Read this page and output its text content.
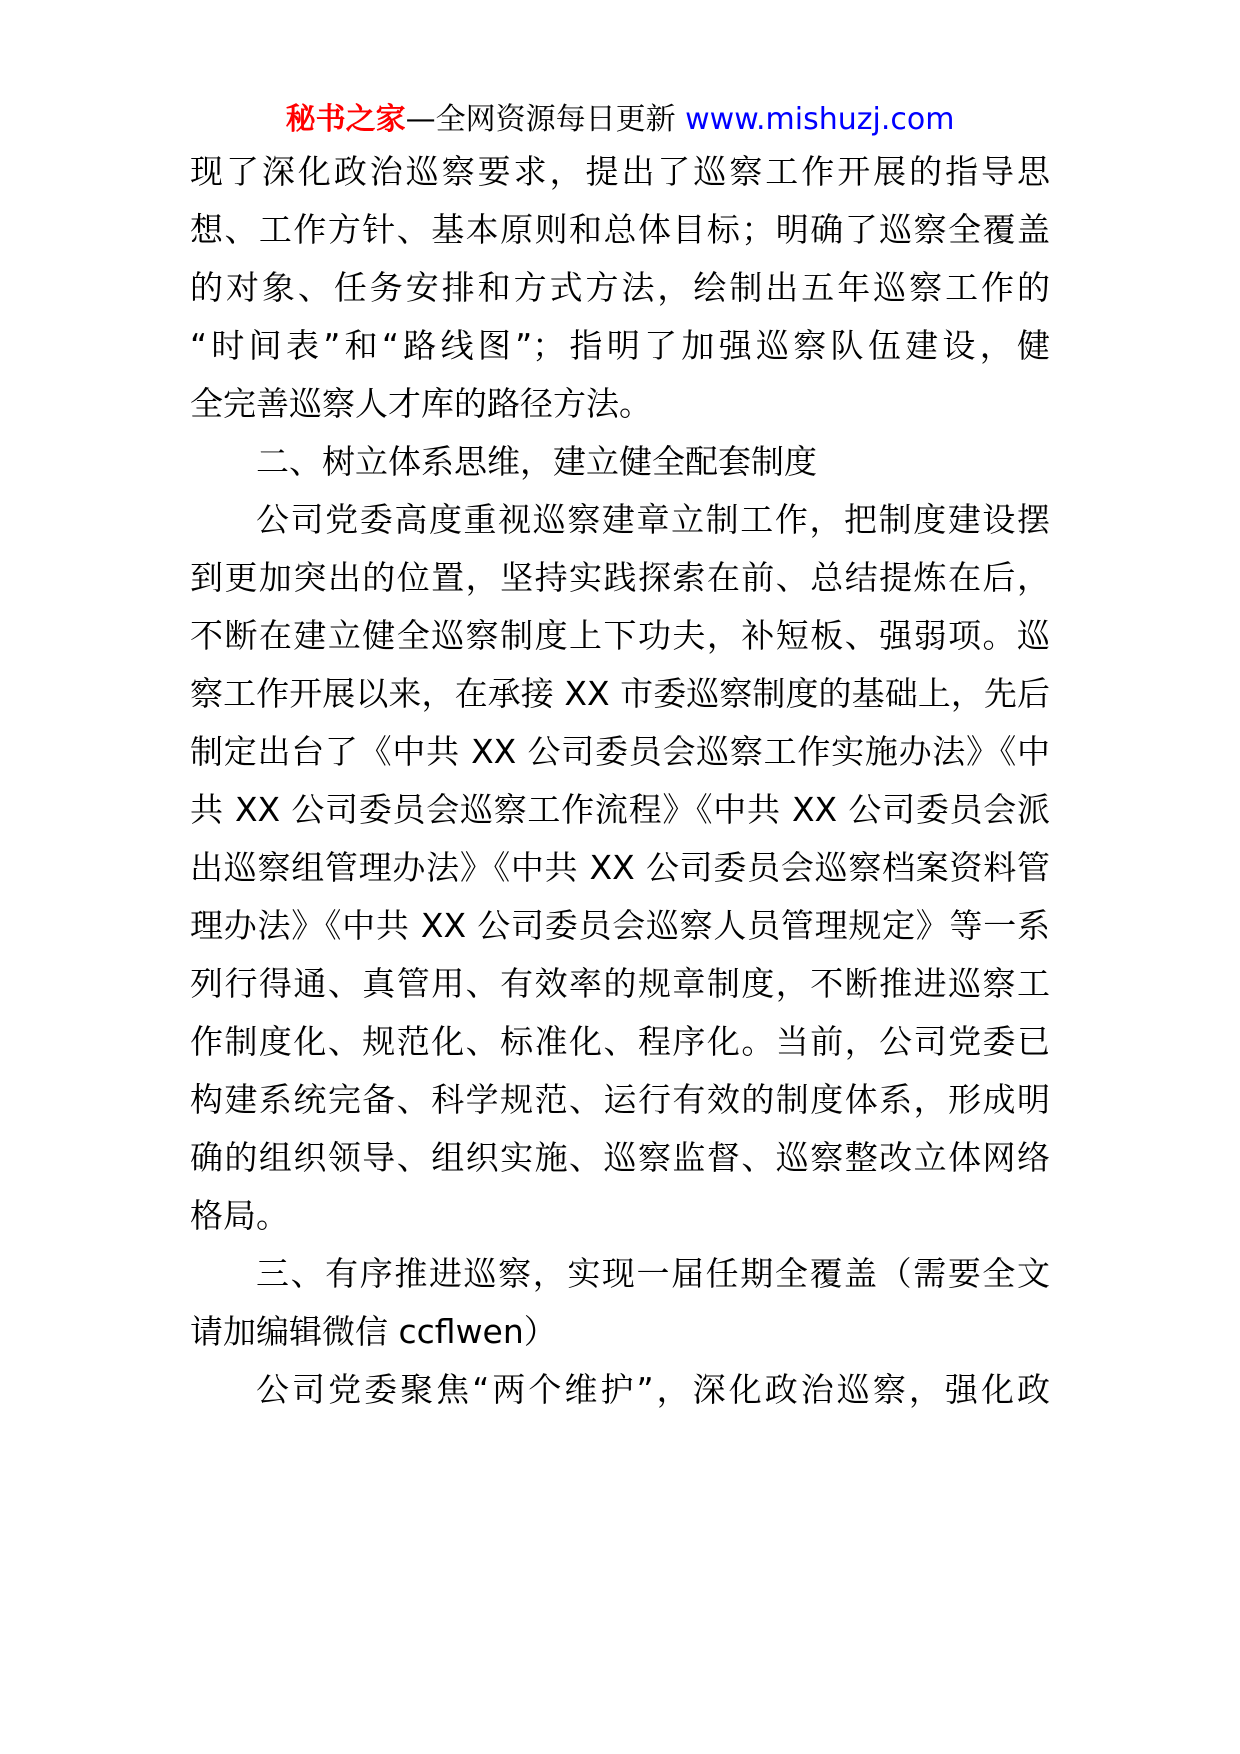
秘书之家—全网资源每日更新 www.mishuzj.com
现了深化政治巡察要求，提出了巡察工作开展的指导思
想、工作方针、基本原则和总体目标；明确了巡察全覆盖
的对象、任务安排和方式方法，绘制出五年巡察工作的
“时间表”和“路线图”；指明了加强巡察队伍建设，健
全完善巡察人才库的路径方法。
二、树立体系思维，建立健全配套制度
公司党委高度重视巡察建章立制工作，把制度建设摆
到更加突出的位置，坚持实践探索在前、总结提炼在后，
不断在建立健全巡察制度上下功夫，补短板、强弱项。巡
察工作开展以来，在承接 XX 市委巡察制度的基础上，先后
制定出台了《中共 XX 公司委员会巡察工作实施办法》《中
共 XX 公司委员会巡察工作流程》《中共 XX 公司委员会派
出巡察组管理办法》《中共 XX 公司委员会巡察档案资料管
理办法》《中共 XX 公司委员会巡察人员管理规定》等一系
列行得通、真管用、有效率的规章制度，不断推进巡察工
作制度化、规范化、标准化、程序化。当前，公司党委已
构建系统完备、科学规范、运行有效的制度体系，形成明
确的组织领导、组织实施、巡察监督、巡察整改立体网络
格局。
三、有序推进巡察，实现一届任期全覆盖（需要全文
请加编辑微信 ccflwen）
公司党委聚焦“两个维护”，深化政治巡察，强化政
